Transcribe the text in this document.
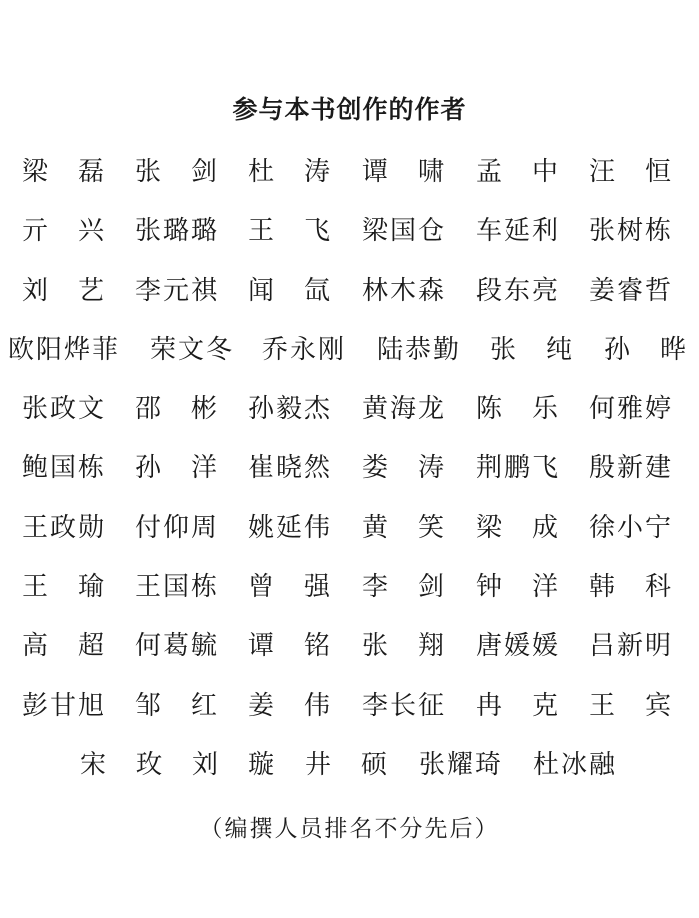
参与本书创作的作者
梁 磊 张 剑 杜 涛 谭 啸 孟 中 汪 恒
亓 兴 张 璐 璐 王 飞 梁 国 仓 车 延 利 张 树 栋
刘 艺 李 元 祺 闻 氙 林 木 森 段 东 亮 姜 睿 哲
欧 阳 烨 菲 荣 文 冬 乔 永 刚 陆 恭 勤 张 纯 孙 晔
张 政 文 邵 彬 孙 毅 杰 黄 海 龙 陈 乐 何 雅 婷
鲍 国 栋 孙 洋 崔 晓 然 娄 涛 荆 鹏 飞 殷 新 建
王 政 勋 付 仰 周 姚 延 伟 黄 笑 梁 成 徐 小 宁
王 瑜 王 国 栋 曾 强 李 剑 钟 洋 韩 科
高 超 何 葛 毓 谭 铭 张 翔 唐 媛 媛 吕 新 明
彭 甘 旭 邹 红 姜 伟 李 长 征 冉 克 王 宾
宋 玫 刘 璇 井 硕 张 耀 琦 杜 冰 融
（编撰人员排名不分先后）
